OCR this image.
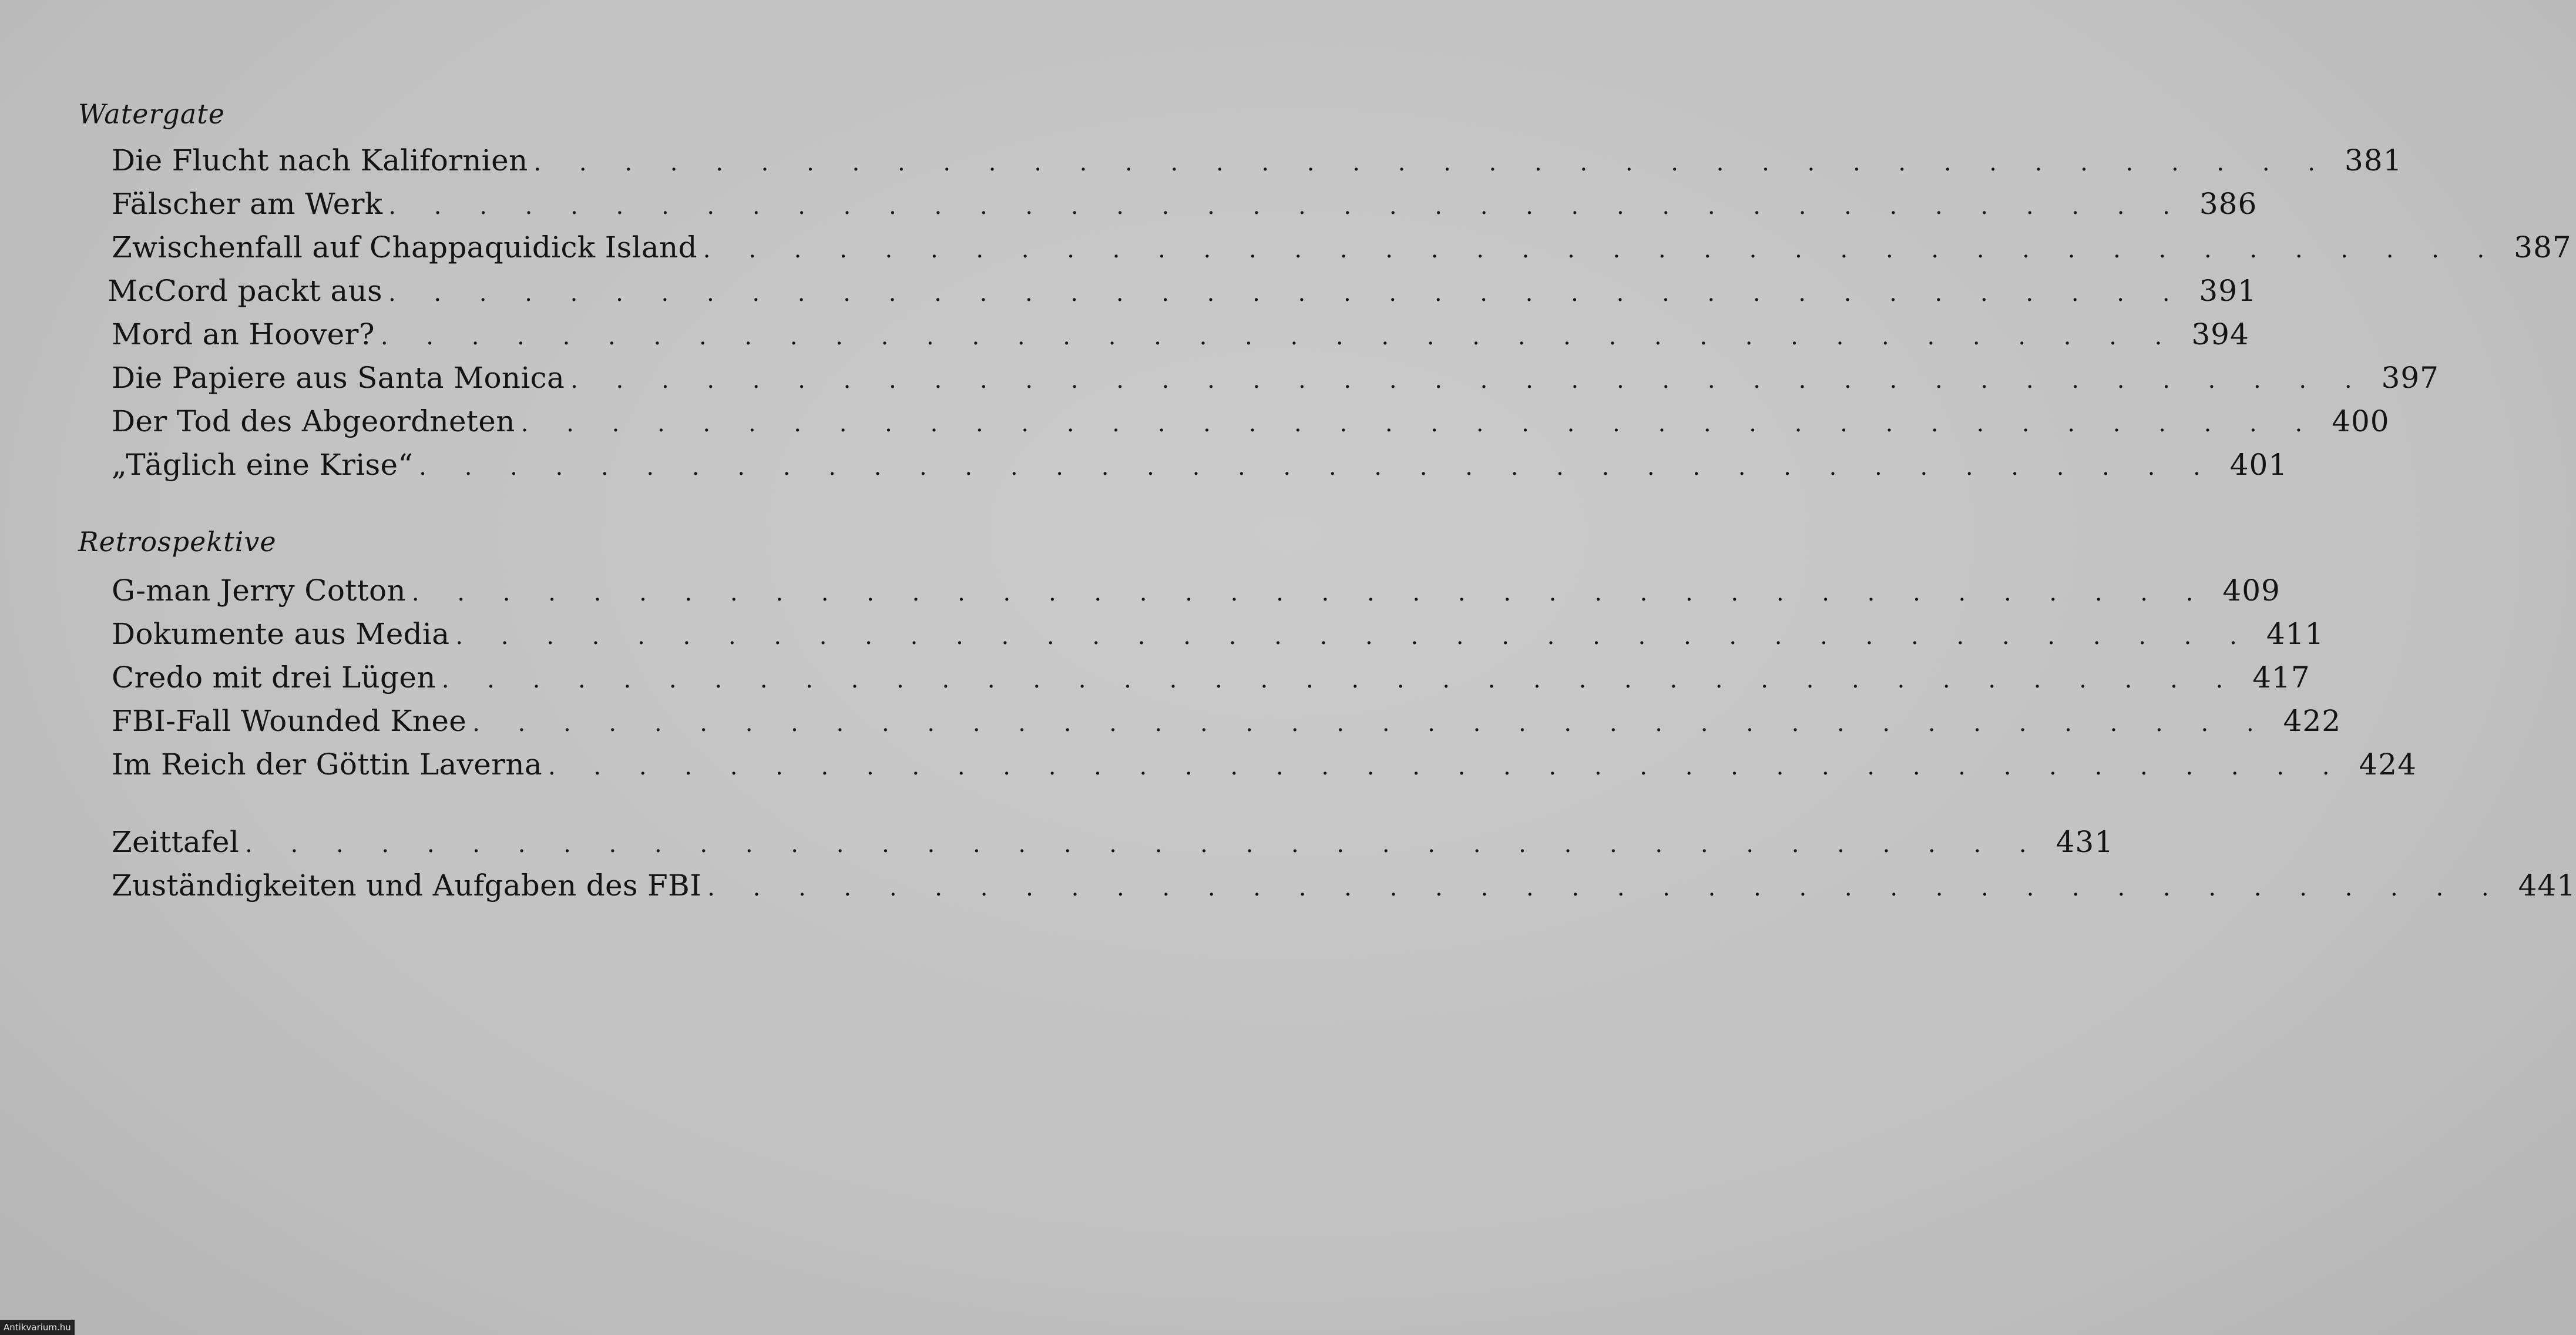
Watergate
Die Flucht nach Kalifornien . . . . . . . . . . . . . . . . . . . . . . . . . . . . . . . . . . . . . . . . 381
Fälscher am Werk . . . . . . . . . . . . . . . . . . . . . . . . . . . . . . . . . . . . . . . . 386
Zwischenfall auf Chappaquidick Island . . . . . . . . . . . . . . . . . . . . . . . . . . . . . . . . . . . . . . . . 387
McCord packt aus . . . . . . . . . . . . . . . . . . . . . . . . . . . . . . . . . . . . . . . . 391
Mord an Hoover? . . . . . . . . . . . . . . . . . . . . . . . . . . . . . . . . . . . . . . . . 394
Die Papiere aus Santa Monica . . . . . . . . . . . . . . . . . . . . . . . . . . . . . . . . . . . . . . . . 397
Der Tod des Abgeordneten . . . . . . . . . . . . . . . . . . . . . . . . . . . . . . . . . . . . . . . . 400
„Täglich eine Krise“ . . . . . . . . . . . . . . . . . . . . . . . . . . . . . . . . . . . . . . . . 401
Retrospektive
G-man Jerry Cotton . . . . . . . . . . . . . . . . . . . . . . . . . . . . . . . . . . . . . . . . 409
Dokumente aus Media . . . . . . . . . . . . . . . . . . . . . . . . . . . . . . . . . . . . . . . . 411
Credo mit drei Lügen . . . . . . . . . . . . . . . . . . . . . . . . . . . . . . . . . . . . . . . . 417
FBI-Fall Wounded Knee . . . . . . . . . . . . . . . . . . . . . . . . . . . . . . . . . . . . . . . . 422
Im Reich der Göttin Laverna . . . . . . . . . . . . . . . . . . . . . . . . . . . . . . . . . . . . . . . . 424
Zeittafel . . . . . . . . . . . . . . . . . . . . . . . . . . . . . . . . . . . . . . . . 431
Zuständigkeiten und Aufgaben des FBI . . . . . . . . . . . . . . . . . . . . . . . . . . . . . . . . . . . . . . . . 441
Antikvarium.hu
